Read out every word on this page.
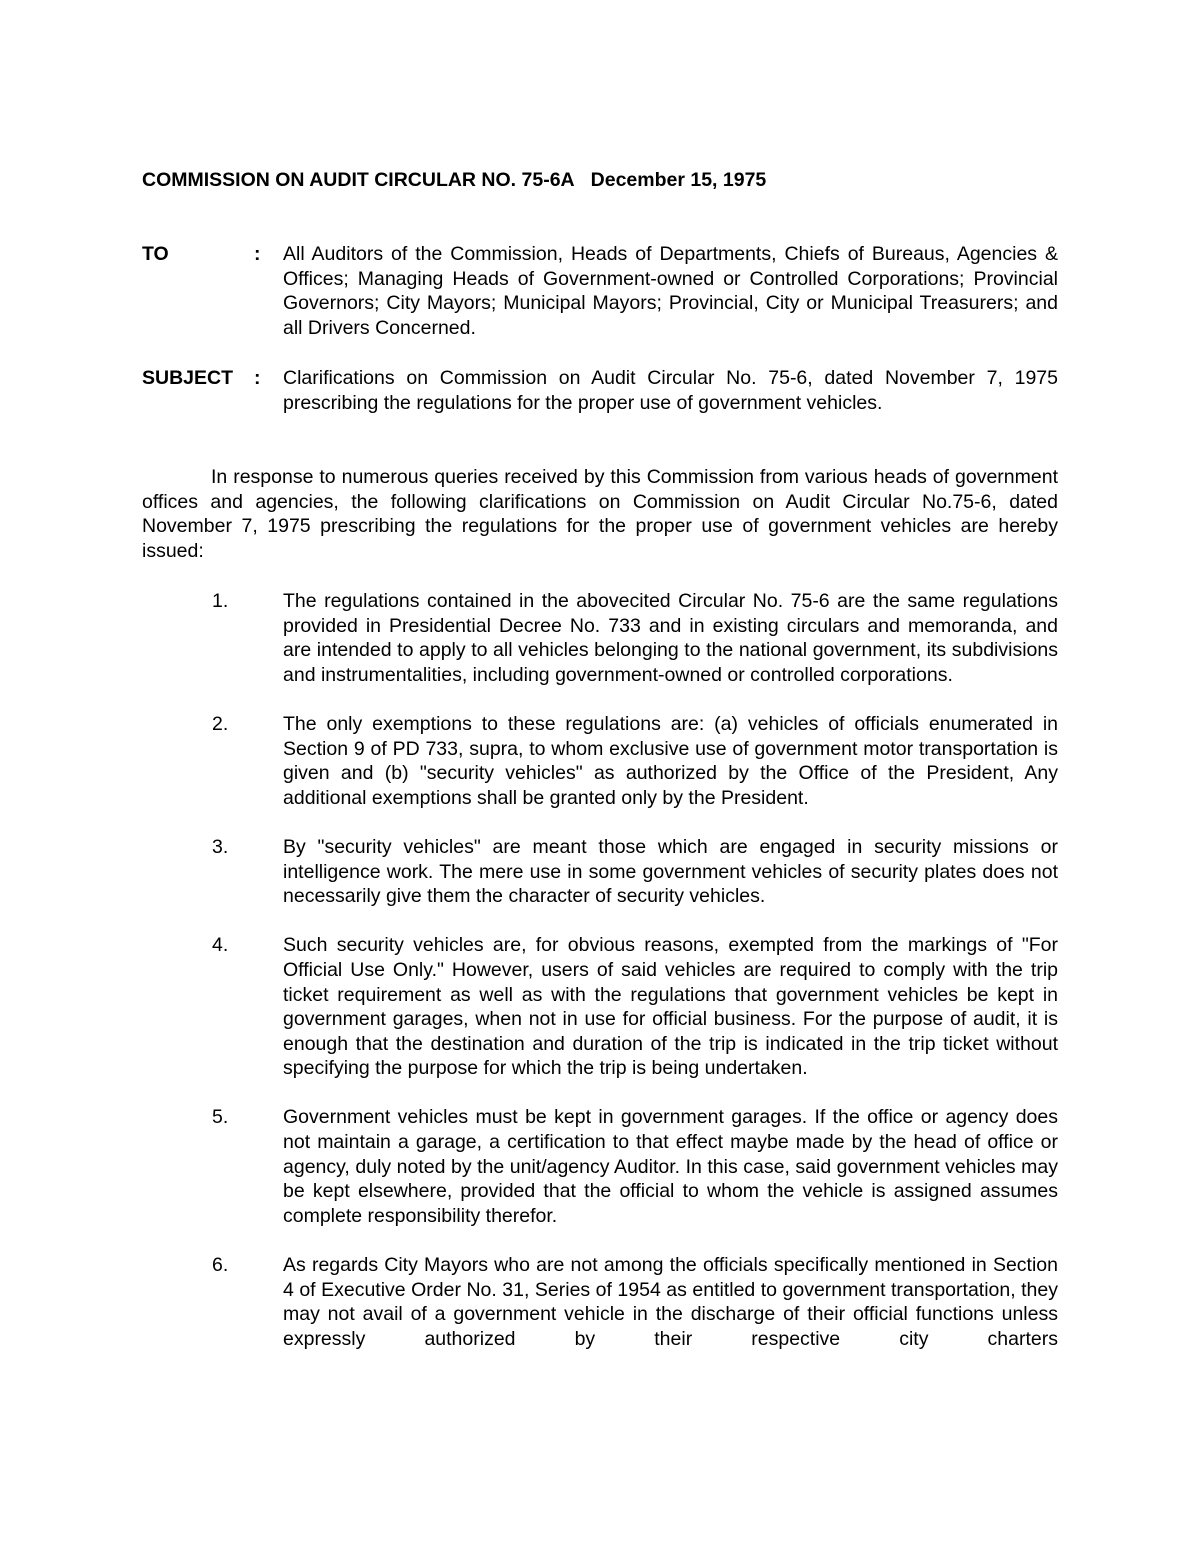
COMMISSION ON AUDIT CIRCULAR NO. 75-6A December 15, 1975
TO	: All Auditors of the Commission, Heads of Departments, Chiefs of Bureaus, Agencies & Offices; Managing Heads of Government-owned or Controlled Corporations; Provincial Governors; City Mayors; Municipal Mayors; Provincial, City or Municipal Treasurers; and all Drivers Concerned.
SUBJECT : Clarifications on Commission on Audit Circular No. 75-6, dated November 7, 1975 prescribing the regulations for the proper use of government vehicles.

In response to numerous queries received by this Commission from various heads of government offices and agencies, the following clarifications on Commission on Audit Circular No.75-6, dated November 7, 1975 prescribing the regulations for the proper use of government vehicles are hereby issued:

1.	The regulations contained in the abovecited Circular No. 75-6 are the same regulations provided in Presidential Decree No. 733 and in existing circulars and memoranda, and are intended to apply to all vehicles belonging to the national government, its subdivisions and instrumentalities, including government-owned or controlled corporations.
2.	The only exemptions to these regulations are: (a) vehicles of officials enumerated in Section 9 of PD 733, supra, to whom exclusive use of government motor transportation is given and (b) "security vehicles" as authorized by the Office of the President, Any additional exemptions shall be granted only by the President.
3.	By "security vehicles" are meant those which are engaged in security missions or intelligence work. The mere use in some government vehicles of security plates does not necessarily give them the character of security vehicles.
4.	Such security vehicles are, for obvious reasons, exempted from the markings of "For Official Use Only." However, users of said vehicles are required to comply with the trip ticket requirement as well as with the regulations that government vehicles be kept in government garages, when not in use for official business. For the purpose of audit, it is enough that the destination and duration of the trip is indicated in the trip ticket without specifying the purpose for which the trip is being undertaken.
5.	Government vehicles must be kept in government garages. If the office or agency does not maintain a garage, a certification to that effect maybe made by the head of office or agency, duly noted by the unit/agency Auditor. In this case, said government vehicles may be kept elsewhere, provided that the official to whom the vehicle is assigned assumes complete responsibility therefor.
6.	As regards City Mayors who are not among the officials specifically mentioned in Section 4 of Executive Order No. 31, Series of 1954 as entitled to government transportation, they may not avail of a government vehicle in the discharge of their official functions unless expressly authorized by their respective city charters
